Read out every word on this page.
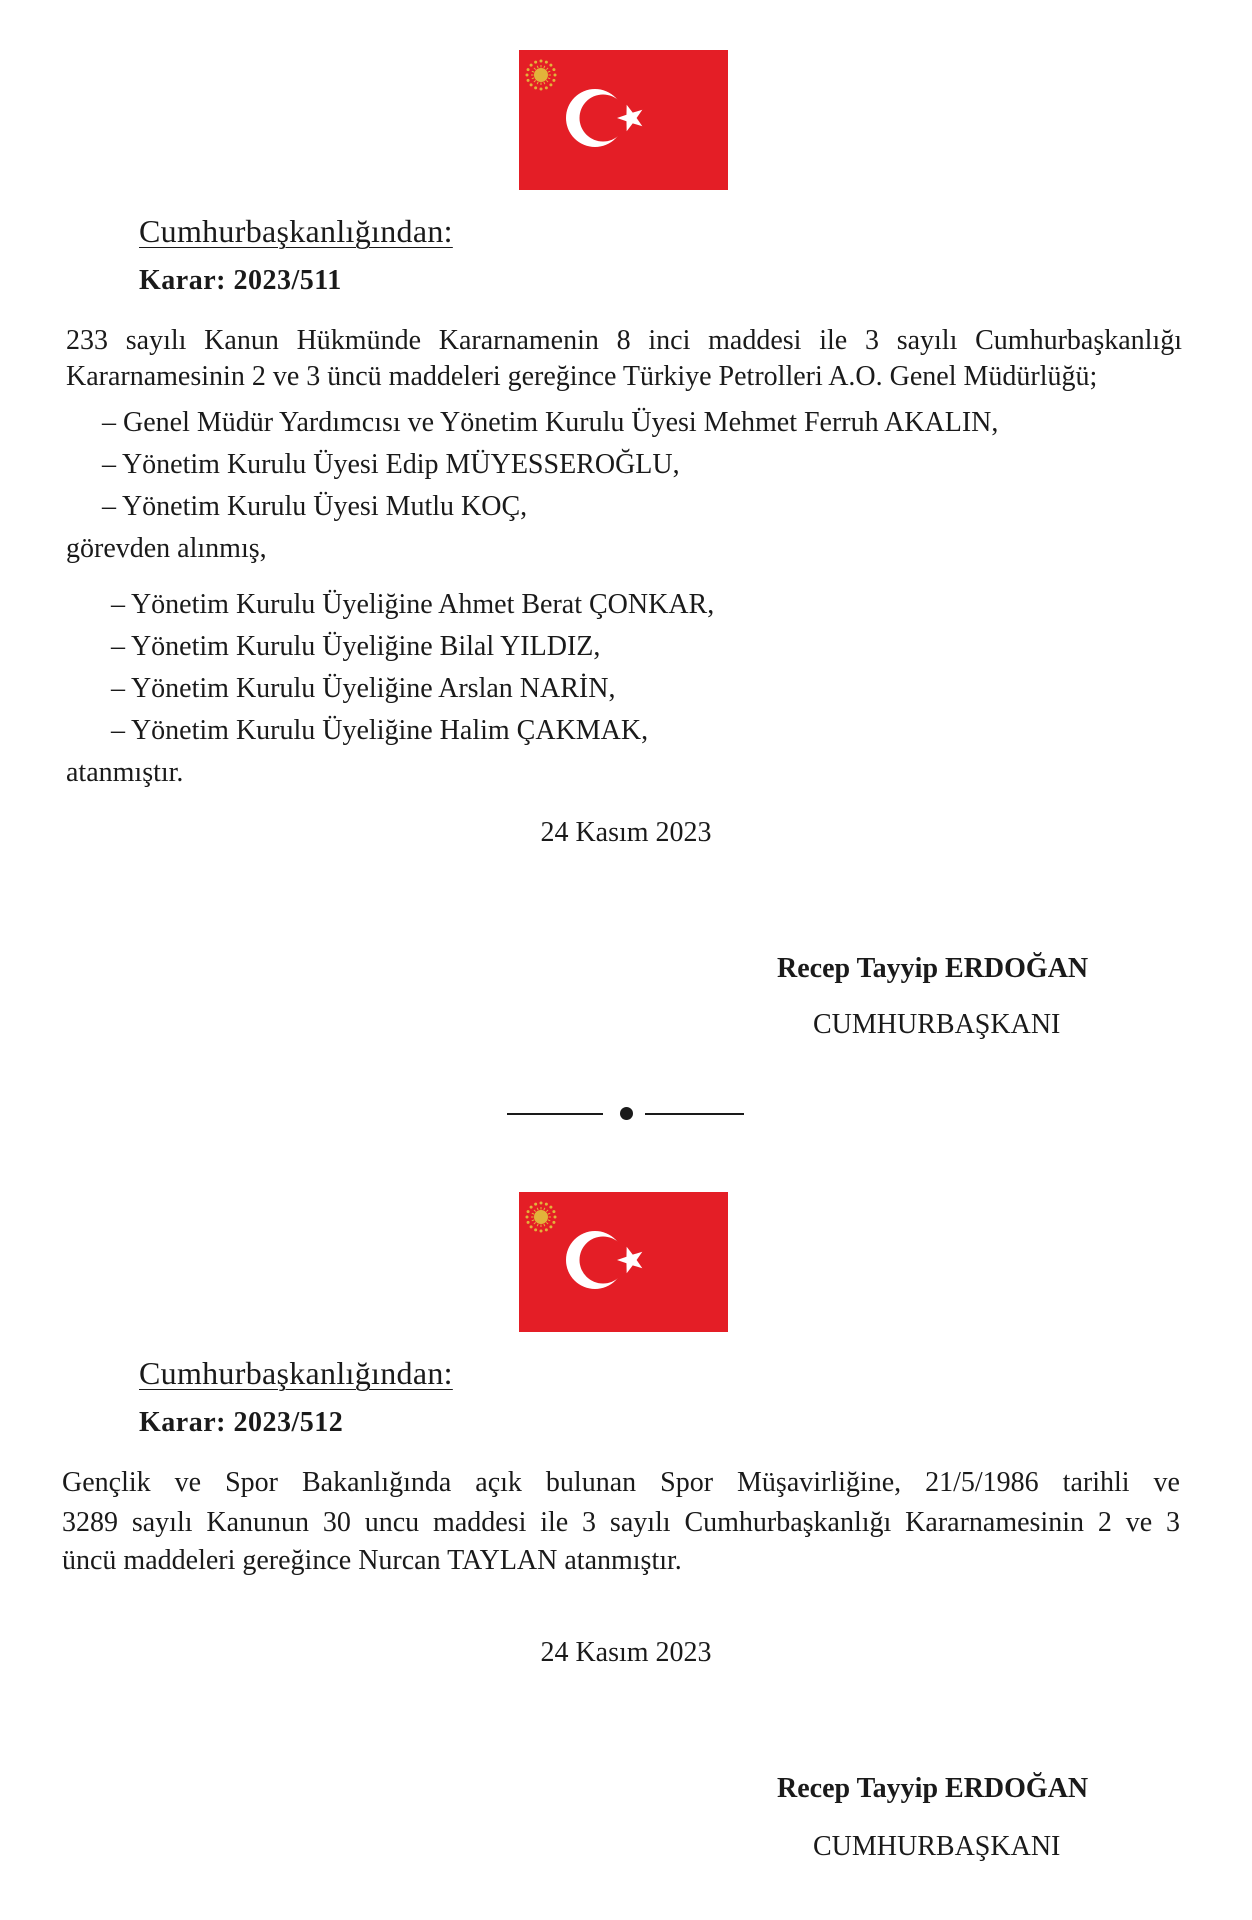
Cumhurbaşkanlığından:
Karar: 2023/511
233 sayılı Kanun Hükmünde Kararnamenin 8 inci maddesi ile 3 sayılı Cumhurbaşkanlığı
Kararnamesinin 2 ve 3 üncü maddeleri gereğince Türkiye Petrolleri A.O. Genel Müdürlüğü;
– Genel Müdür Yardımcısı ve Yönetim Kurulu Üyesi Mehmet Ferruh AKALIN,
– Yönetim Kurulu Üyesi Edip MÜYESSEROĞLU,
– Yönetim Kurulu Üyesi Mutlu KOÇ,
görevden alınmış,
– Yönetim Kurulu Üyeliğine Ahmet Berat ÇONKAR,
– Yönetim Kurulu Üyeliğine Bilal YILDIZ,
– Yönetim Kurulu Üyeliğine Arslan NARİN,
– Yönetim Kurulu Üyeliğine Halim ÇAKMAK,
atanmıştır.
24 Kasım 2023
Recep Tayyip ERDOĞAN
CUMHURBAŞKANI
Cumhurbaşkanlığından:
Karar: 2023/512
Gençlik ve Spor Bakanlığında açık bulunan Spor Müşavirliğine, 21/5/1986 tarihli ve
3289 sayılı Kanunun 30 uncu maddesi ile 3 sayılı Cumhurbaşkanlığı Kararnamesinin 2 ve 3
üncü maddeleri gereğince Nurcan TAYLAN atanmıştır.
24 Kasım 2023
Recep Tayyip ERDOĞAN
CUMHURBAŞKANI
